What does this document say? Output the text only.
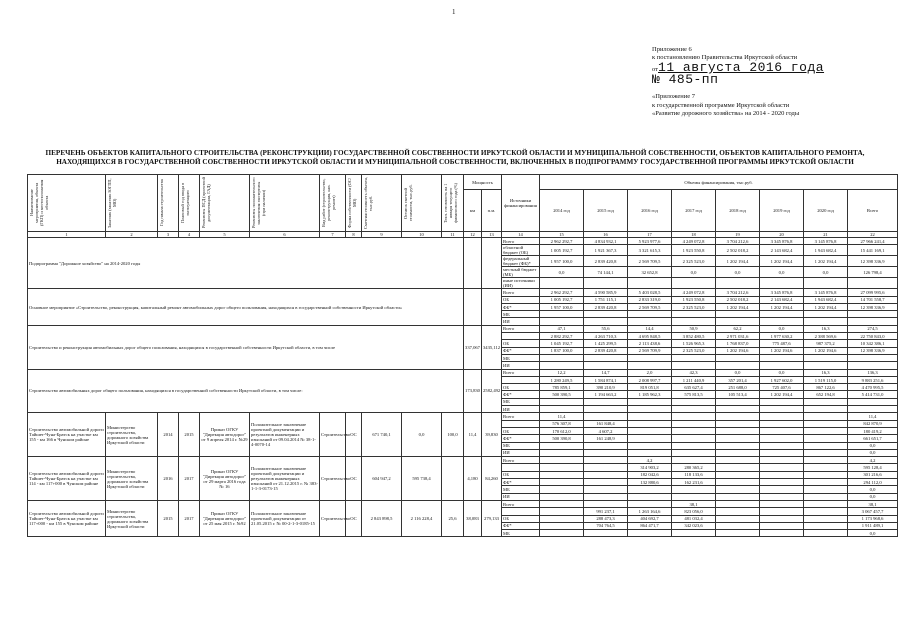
1
Приложение 6
к постановлению Правительства Иркутской области
от11 августа 2016 года
№ 485-пп
«Приложение 7
к государственной программе Иркутской области
«Развитие дорожного хозяйства» на 2014 - 2020 годы
ПЕРЕЧЕНЬ ОБЪЕКТОВ КАПИТАЛЬНОГО СТРОИТЕЛЬСТВА (РЕКОНСТРУКЦИИ) ГОСУДАРСТВЕННОЙ СОБСТВЕННОСТИ ИРКУТСКОЙ ОБЛАСТИ И МУНИЦИПАЛЬНОЙ СОБСТВЕННОСТИ, ОБЪЕКТОВ КАПИТАЛЬНОГО РЕМОНТА, НАХОДЯЩИХСЯ В ГОСУДАРСТВЕННОЙ СОБСТВЕННОСТИ ИРКУТСКОЙ ОБЛАСТИ И МУНИЦИПАЛЬНОЙ СОБСТВЕННОСТИ, ВКЛЮЧЕННЫХ В ПОДПРОГРАММУ ГОСУДАРСТВЕННОЙ ПРОГРАММЫ ИРКУТСКОЙ ОБЛАСТИ
Наименование мероприятия, объекта (ГКП) и местоположения объекта	Заказчик (заказчик ЮГПП, МО)	Год начала строительства	Плановый год ввода в эксплуатацию	Реквизиты ПСД (проектной документации, ГАД)	Реквизиты положительного заключения экспертизы (при наличии)	Вид работ (строительство, реконструкция, кап. ремонт)	Форма собственности (ОС/МО)	Сметная стоимость объекта, тыс.руб.	Остаток сметной стоимости, тыс.руб.	Техн. готовность на 1 января текущего финансового года (%)	Мощность		Источники финансирования	Объемы финансирования, тыс.руб.							
											км	п.м.		2014 год	2015 год	2016 год	2017 год	2018 год	2019 год	2020 год	Всего
1	2	3	4	5	6	7	8	9	10	11	12	13	14	15	16	17	18	19	20	21	22
Подпрограмма "Дорожное хозяйство" на 2014-2020 годы													Всего	2 962 292,7	4 834 932,1	5 923 977,6	4 249 072,8	3 704 212,6	3 345 876,8	3 145 876,8	27 966 241,4
													областной бюджет (ОБ)	1 005 192,7	1 921 367,3	3 321 615,3	1 923 550,8	2 502 018,2	2 143 682,4	1 943 682,4	15 441 169,1
													федеральный бюджет (ФБ)*	1 957 100,0	2 839 420,8	2 569 709,5	2 325 523,0	1 202 194,4	1 202 194,4	1 202 194,4	12 398 336,9
													местный бюджет (МБ)	0,0	74 144,1	32 652,8	0,0	0,0	0,0	0,0	126 798,4
													иные источники (ИИ)								
Основное мероприятие «Строительство, реконструкция, капитальный ремонт автомобильных дорог общего пользования, находящихся в государственной собственности Иркутской области»													Всего	2 962 292,7	4 590 585,9	5 403 028,5	4 249 072,8	3 704 212,6	3 345 876,8	3 145 876,8	27 099 995,6
													ОБ	1 005 192,7	1 751 115,1	2 833 319,0	1 923 550,8	2 502 018,2	2 143 682,4	1 943 682,4	14 701 558,7
													ФБ*	1 957 100,0	2 839 420,8	2 569 709,5	2 325 523,0	1 202 194,4	1 202 194,4	1 202 194,4	12 398 336,9
													МБ								
													ИИ								
Строительство и реконструкция автомобильных дорог общего пользования, находящихся в государственной собственности Иркутской области, в том числе											337,067	3435,112	Всего	47,1	55,6	14,4	50,9	62,2	0,0	16,3	274,5
														2 882 292,7	4 263 710,3	4 695 848,5	3 852 480,5	2 971 031,6	1 977 630,2	2 388 569,6	22 750 843,0
													ОБ	1 045 192,7	1 425 299,5	2 113 438,6	1 526 965,3	1 768 837,0	775 487,6	987 375,2	10 342 386,1
													ФБ*	1 837 100,0	2 839 420,8	2 569 709,9	2 325 523,0	1 202 194,6	1 202 194,6	1 202 194,6	12 398 336,9
													МБ								
													ИИ								
Строительство автомобильных дорог общего пользования, находящихся в государственной собственности Иркутской области, в том числе:											173,830	2582,492	Всего	12,2	14,7	2,0	42,3	0,0	0,0	16,3	136,3
														1 280 249,5	1 584 874,1	2 008 997,7	1 211 440,9	357 201,4	1 927 602,0	1 519 115,0	9 883 251,6
													ОБ	785 859,1	390 210,9	819 051,8	635 627,4	251 688,0	725 407,6	867 122,6	4 470 995,5
													ФБ*	500 390,5	1 194 663,2	1 185 962,3	575 813,5	105 513,4	1 202 194,4	652 194,8	5 414 731,0
													МБ								
													ИИ								
Строительство автомобильной дороги Тайшет-Чуна-Братск на участке км 155 - км 166 в Чунском районе	Министерство строительства, дорожного хозяйства Иркутской области	2014	2015	Приказ ОГКУ "Дирекция автодорог" от 9 апреля 2014 г. №29	Положительное заключение проектной документации и результатов инженерных изысканий от 09.04.2014 № 38-1-4-0070-14	Строительство	ОС	671 740,1	0,0	100,0	11,4	39,830	Всего	11,4							11,4
														576 307,8	161 848,4						842 870,9
													ОБ	170 612,0	4 607,2						180 419,2
													ФБ*	500 390,8	161 248,9						661 651,7
													МБ								0,0
													ИИ								0,0
Строительство автомобильной дороги Тайшет-Чуна-Братск на участке км 114 - км 117+000 в Чунском районе	Министерство строительства, дорожного хозяйства Иркутской области	2016	2017	Приказ ОГКУ "Дирекция автодорог" от 29 марта 2016 года № 16	Положительное заключение проектной документации и результатов инженерных изысканий от 21.12.2015 г. № 383-1-1-3-0173-15	Строительство	ОС	604 947,2	595 738,4		4,180	84,260	Всего			4,2					4,2
																314 903,2	280 365,2				595 128,4
													ОБ			182 042,6	118 133,6				301 216,6
													ФБ*			132 880,6	162 231,6				294 112,0
													МБ								0,0
													ИИ								0,0
Строительство автомобильной дороги Тайшет-Чуна-Братск на участке км 117+000 - км 155 в Чунском районе	Министерство строительства, дорожного хозяйства Иркутской области	2015	2017	Приказ ОГКУ "Дирекция автодорог" от 25 мая 2015 г. №92	Положительное заключение проектной документации от 21.05.2015 г. № 00-2-1-3-0185-15	Строительство	ОС	2 843 898,5	2 116 228,4	25,6	38,083	279,133	Всего				38,1				38,1
															991 237,1	1 263 164,6	823 056,0				3 067 457,7
													ОБ		288 473,3	404 692,7	481 032,4				1 173 968,6
													ФБ*		704 764,5	864 471,7	342 023,6				1 911 489,1
													МБ								0,0
